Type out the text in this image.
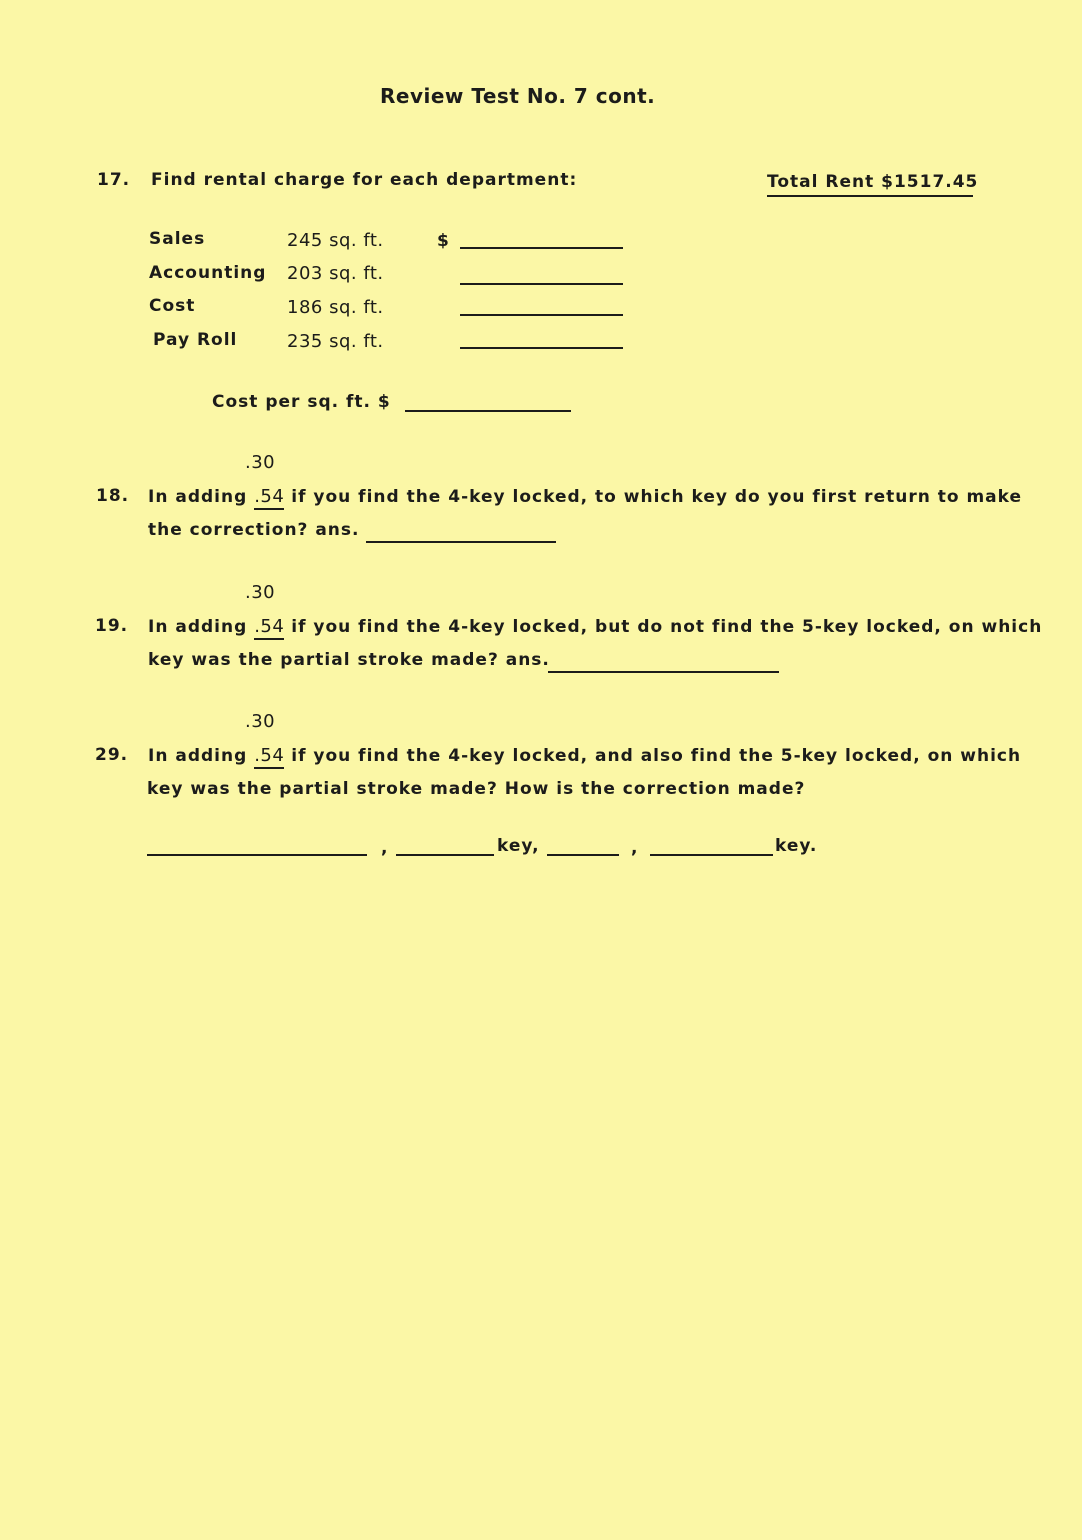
Review Test No. 7 cont.
17. Find rental charge for each department:	Total Rent $1517.45
Sales	245 sq. ft.	$
Accounting 203 sq. ft.
Cost	186 sq. ft.
Pay Roll	235 sq. ft.
Cost per sq. ft. $
.30
18. In adding .54 if you find the 4-key locked, to which key do you first return to make
the correction? ans.
.30
19. In adding .54 if you find the 4-key locked, but do not find the 5-key locked, on which
key was the partial stroke made? ans.
.30
29. In adding .54 if you find the 4-key locked, and also find the 5-key locked, on which
key was the partial stroke made? How is the correction made?
,	key,	,	key.
